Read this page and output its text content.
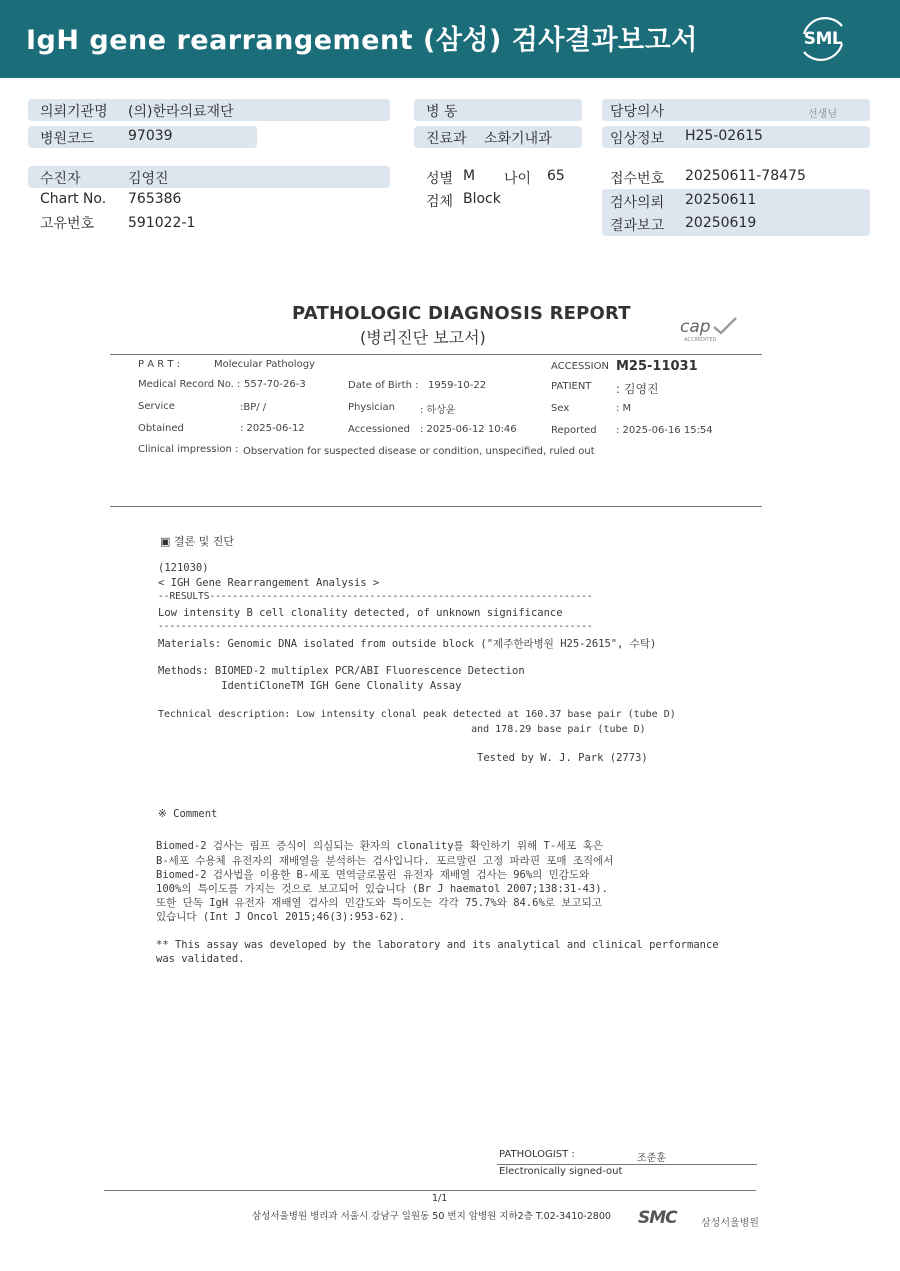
IgH gene rearrangement (삼성) 검사결과보고서	SML
의뢰기관명 (의)한라의료재단
병원코드 97039
수진자	김영진
Chart No. 765386
고유번호 591022-1
병 동
진료과 소화기내과
성별 M 나이 65
검체 Block
담당의사	선생님
임상정보 H25-02615
접수번호 20250611-78475
검사의뢰 20250611
결과보고 20250619
PATHOLOGIC DIAGNOSIS REPORT
(병리진단 보고서)
cap
ACCREDITED
P A R T :	Molecular Pathology	ACCESSION M25-11031
Medical Record No. : 557-70-26-3	Date of Birth : 1959-10-22	PATIENT : 김영진
Service	:BP/ /	Physician : 하상윤	Sex	: M
Obtained	: 2025-06-12	Accessioned : 2025-06-12 10:46	Reported : 2025-06-16 15:54
Clinical impression : Observation for suspected disease or condition, unspecified, ruled out
▣ 결론 및 진단
(121030)
< IGH Gene Rearrangement Analysis >
--RESULTS-------------------------------------------------------------------
Low intensity B cell clonality detected, of unknown significance
----------------------------------------------------------------------------
Materials: Genomic DNA isolated from outside block ("제주한라병원 H25-2615", 수탁)
Methods: BIOMED-2 multiplex PCR/ABI Fluorescence Detection
IdentiCloneTM IGH Gene Clonality Assay
Technical description: Low intensity clonal peak detected at 160.37 base pair (tube D)
and 178.29 base pair (tube D)
Tested by W. J. Park (2773)
※ Comment
Biomed-2 검사는 림프 증식이 의심되는 환자의 clonality를 확인하기 위해 T-세포 혹은
B-세포 수용체 유전자의 재배열을 분석하는 검사입니다. 포르말린 고정 파라핀 포매 조직에서
Biomed-2 검사법을 이용한 B-세포 면역글로불린 유전자 재배열 검사는 96%의 민감도와
100%의 특이도를 가지는 것으로 보고되어 있습니다 (Br J haematol 2007;138:31-43).
또한 단독 IgH 유전자 재배열 검사의 민감도와 특이도는 각각 75.7%와 84.6%로 보고되고
있습니다 (Int J Oncol 2015;46(3):953-62).
** This assay was developed by the laboratory and its analytical and clinical performance
was validated.
PATHOLOGIST :	조준훈
Electronically signed-out
1/1
삼성서울병원 병리과 서울시 강남구 일원동 50 번지 암병원 지하2층 T.02-3410-2800 SMC 삼성서울병원
